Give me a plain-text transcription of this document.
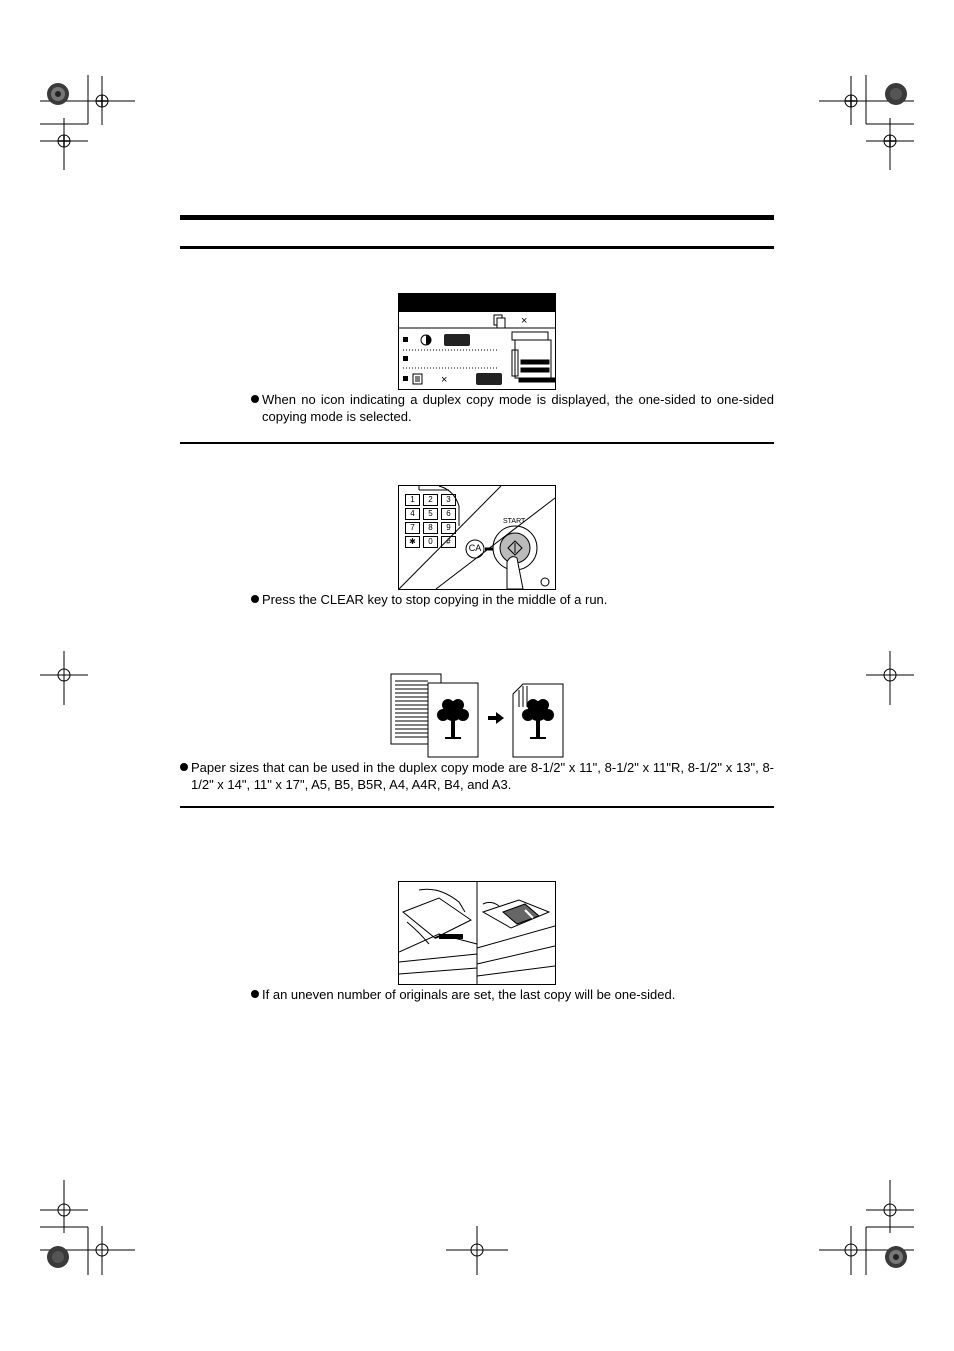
×
×
When no icon indicating a duplex copy mode is displayed, the one-sided to one-sided copying mode is selected.
1	2	3
4	5	6
7	8	9
✱	0	#
CA
START
Press the CLEAR key to stop copying in the middle of a run.
Paper sizes that can be used in the duplex copy mode are 8-1/2" x 11", 8-1/2" x 11"R, 8-1/2" x 13", 8-1/2" x 14", 11" x 17", A5, B5, B5R, A4, A4R, B4, and A3.
If an uneven number of originals are set, the last copy will be one-sided.
